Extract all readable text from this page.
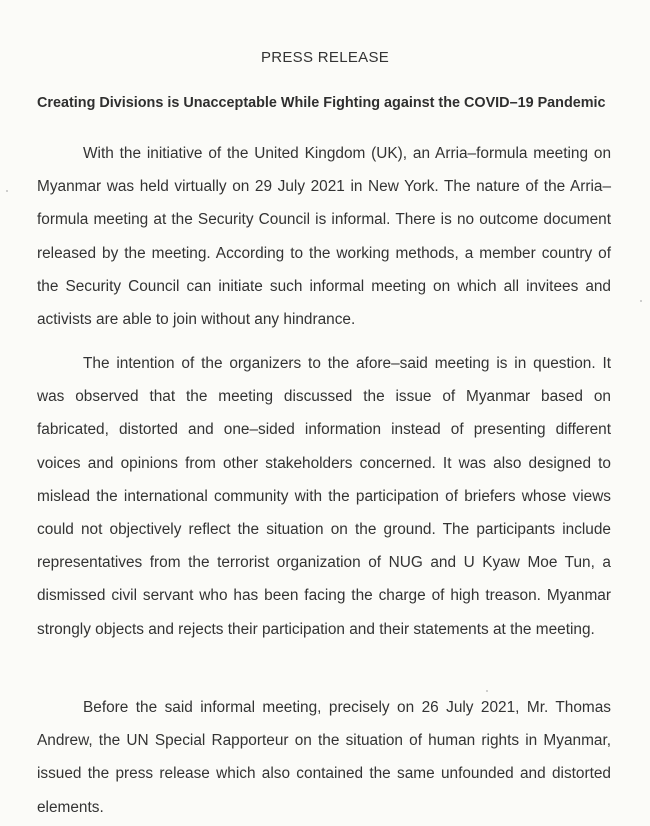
PRESS RELEASE
Creating Divisions is Unacceptable While Fighting against the COVID–19 Pandemic

With the initiative of the United Kingdom (UK), an Arria–formula meeting on Myanmar was held virtually on 29 July 2021 in New York. The nature of the Arria–formula meeting at the Security Council is informal. There is no outcome document released by the meeting. According to the working methods, a member country of the Security Council can initiate such informal meeting on which all invitees and activists are able to join without any hindrance.

The intention of the organizers to the afore–said meeting is in question. It was observed that the meeting discussed the issue of Myanmar based on fabricated, distorted and one–sided information instead of presenting different voices and opinions from other stakeholders concerned. It was also designed to mislead the international community with the participation of briefers whose views could not objectively reflect the situation on the ground. The participants include representatives from the terrorist organization of NUG and U Kyaw Moe Tun, a dismissed civil servant who has been facing the charge of high treason. Myanmar strongly objects and rejects their participation and their statements at the meeting.

Before the said informal meeting, precisely on 26 July 2021, Mr. Thomas Andrew, the UN Special Rapporteur on the situation of human rights in Myanmar, issued the press release which also contained the same unfounded and distorted elements.
